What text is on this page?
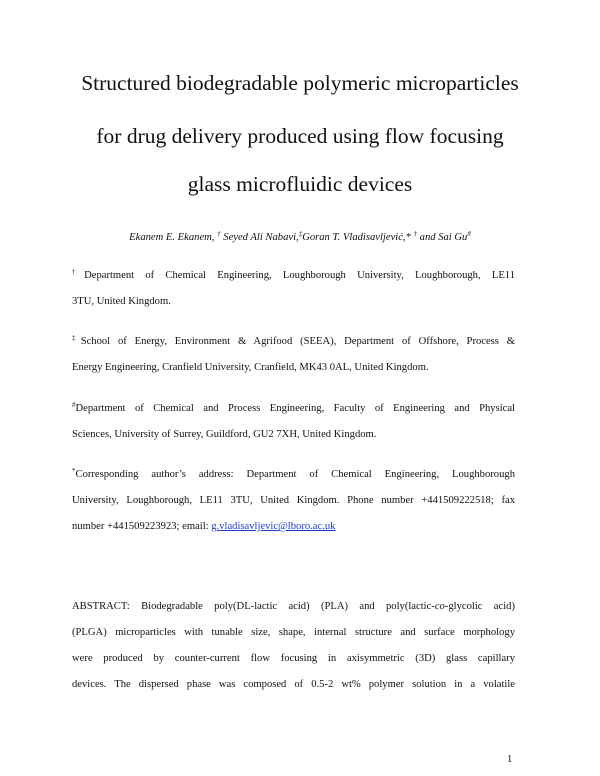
Structured biodegradable polymeric microparticles
for drug delivery produced using flow focusing
glass microfluidic devices
Ekanem E. Ekanem, † Seyed Ali Nabavi,‡Goran T. Vladisavljević,* † and Sai Gu#
†Department of Chemical Engineering, Loughborough University, Loughborough, LE11
3TU, United Kingdom.
‡School of Energy, Environment & Agrifood (SEEA), Department of Offshore, Process &
Energy Engineering, Cranfield University, Cranfield, MK43 0AL, United Kingdom.
#Department of Chemical and Process Engineering, Faculty of Engineering and Physical
Sciences, University of Surrey, Guildford, GU2 7XH, United Kingdom.
*Corresponding author’s address: Department of Chemical Engineering, Loughborough
University, Loughborough, LE11 3TU, United Kingdom. Phone number +441509222518; fax
number +441509223923; email: g.vladisavljevic@lboro.ac.uk
ABSTRACT: Biodegradable poly(DL-lactic acid) (PLA) and poly(lactic-co-glycolic acid)
(PLGA) microparticles with tunable size, shape, internal structure and surface morphology
were produced by counter-current flow focusing in axisymmetric (3D) glass capillary
devices. The dispersed phase was composed of 0.5-2 wt% polymer solution in a volatile
1
